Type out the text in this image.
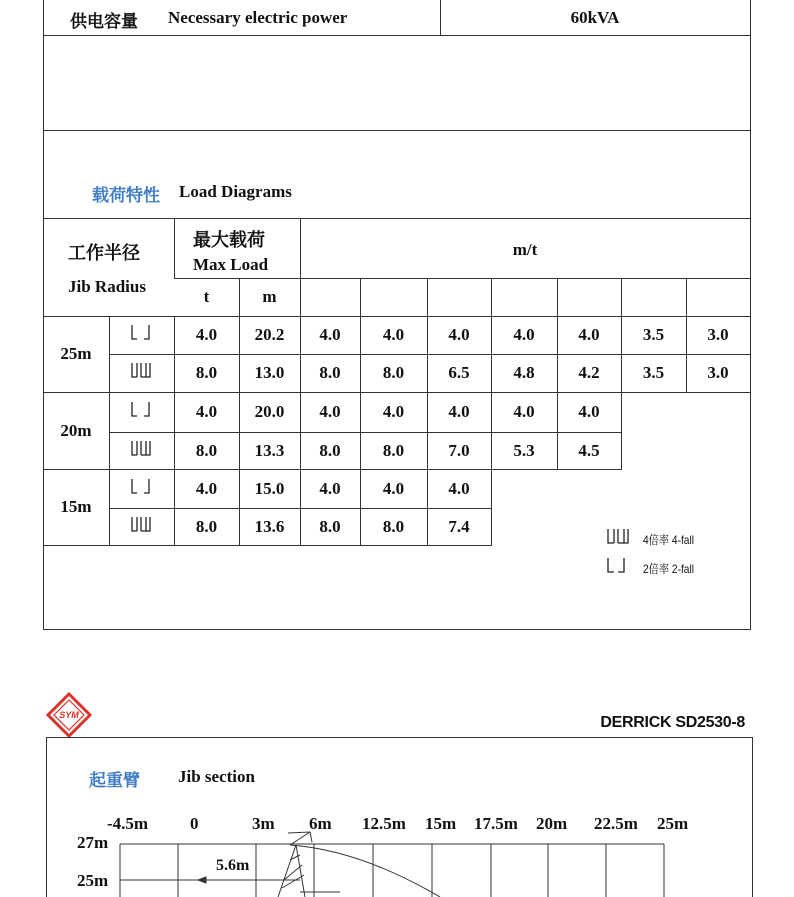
供电容量 Necessary electric power	60kVA
载荷特性 Load Diagrams
25m
4.0	20.2	4.0	4.0	4.0	4.0	4.0	3.5	3.0
8.0	13.0	8.0	8.0	6.5	4.8	4.2	3.5	3.0
20m
4.0	20.0	4.0	4.0	4.0	4.0	4.0
8.0	13.3	8.0	8.0	7.0	5.3	4.5
15m
4.0	15.0	4.0	4.0	4.0
8.0	13.6	8.0	8.0	7.4
工作半径
Jib Radius
最大载荷
Max Load
m/t
t	m
4倍率 4-fall
2倍率 2-fall
SYM	DERRICK SD2530-8
起重臂 Jib section
-4.5m 0	3m 6m 12.5m 15m 17.5m 20m 22.5m 25m
27m
25m
5.6m
